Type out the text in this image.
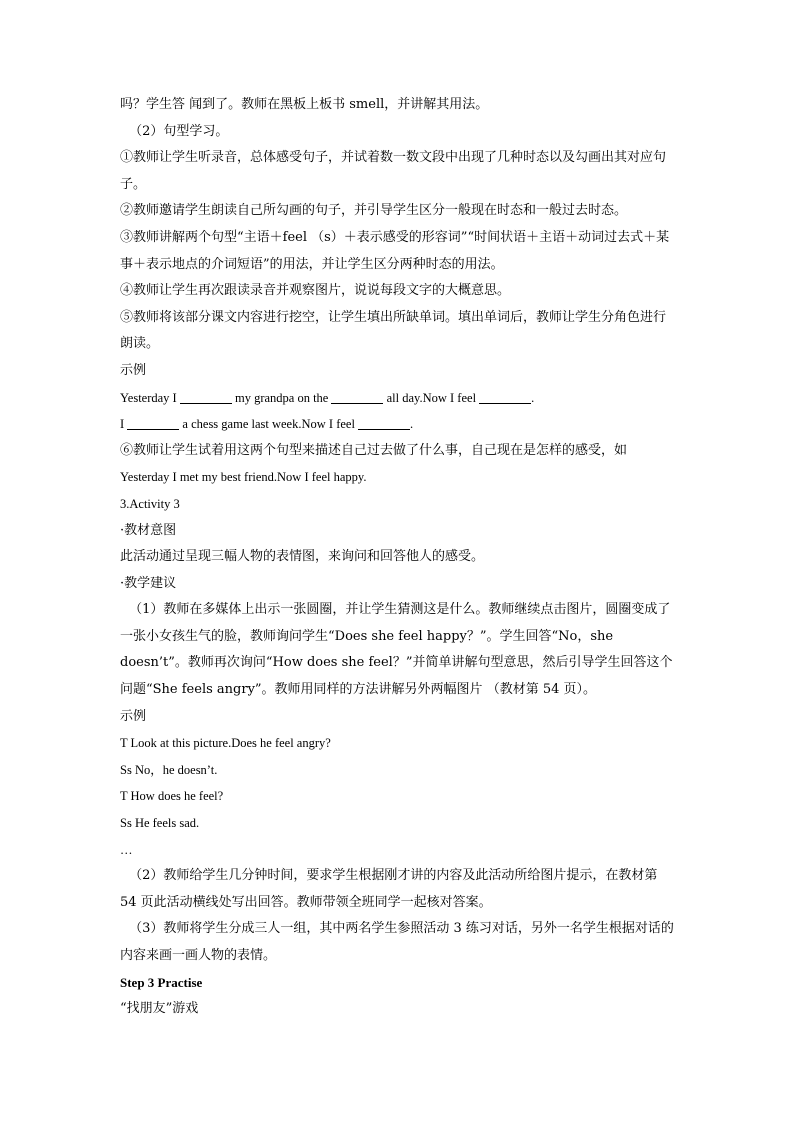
吗？学生答 闻到了。教师在黑板上板书 smell，并讲解其用法。

（2）句型学习。

①教师让学生听录音，总体感受句子，并试着数一数文段中出现了几种时态以及勾画出其对应句子。

②教师邀请学生朗读自己所勾画的句子，并引导学生区分一般现在时态和一般过去时态。

③教师讲解两个句型“主语＋feel （s）＋表示感受的形容词”“时间状语＋主语＋动词过去式＋某事＋表示地点的介词短语”的用法，并让学生区分两种时态的用法。

④教师让学生再次跟读录音并观察图片，说说每段文字的大概意思。

⑤教师将该部分课文内容进行挖空，让学生填出所缺单词。填出单词后，教师让学生分角色进行朗读。

示例

Yesterday I	my grandpa on the	all day.Now I feel	.

I	a chess game last week.Now I feel	.

⑥教师让学生试着用这两个句型来描述自己过去做了什么事，自己现在是怎样的感受，如

Yesterday I met my best friend.Now I feel happy.

3.Activity 3

·教材意图

此活动通过呈现三幅人物的表情图，来询问和回答他人的感受。

·教学建议

（1）教师在多媒体上出示一张圆圈，并让学生猜测这是什么。教师继续点击图片，圆圈变成了一张小女孩生气的脸，教师询问学生“Does she feel happy？”。学生回答“No，she doesn’t”。教师再次询问“How does she feel？”并简单讲解句型意思，然后引导学生回答这个问题“She feels angry”。教师用同样的方法讲解另外两幅图片 （教材第 54 页）。

示例

T Look at this picture.Does he feel angry?

Ss No，he doesn’t.

T How does he feel?

Ss He feels sad.

…

（2）教师给学生几分钟时间，要求学生根据刚才讲的内容及此活动所给图片提示，在教材第 54 页此活动横线处写出回答。教师带领全班同学一起核对答案。

（3）教师将学生分成三人一组，其中两名学生参照活动 3 练习对话，另外一名学生根据对话的内容来画一画人物的表情。

Step 3 Practise

“找朋友”游戏
